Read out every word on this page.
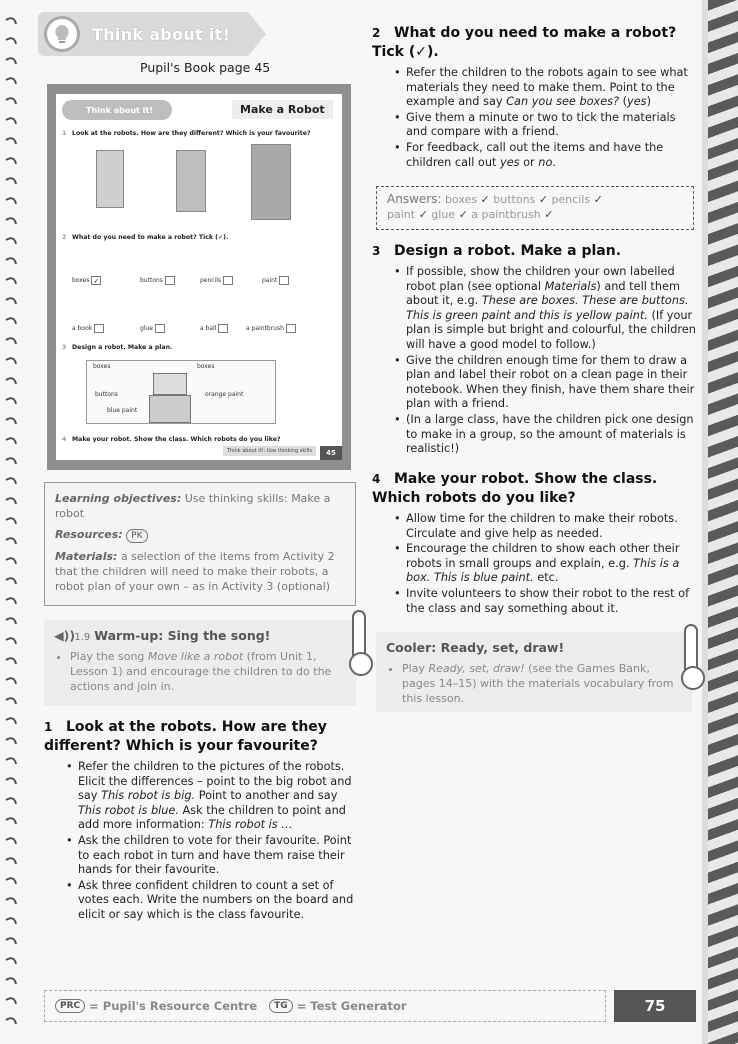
Think about it!
Pupil's Book page 45
Think about it!	Make a Robot
1 Look at the robots. How are they different? Which is your favourite?
2 What do you need to make a robot? Tick (✓).
boxes ✓	buttons	pencils	paint
a book	glue	a ball	a paintbrush
3 Design a robot. Make a plan.
boxes	boxes
buttons	orange paint
blue paint
4 Make your robot. Show the class. Which robots do you like?
Think about it!: Use thinking skills	45

Learning objectives: Use thinking skills: Make a robot

Resources: PK

Materials: a selection of the items from Activity 2 that the children will need to make their robots, a robot plan of your own – as in Activity 3 (optional)

◀)) 1.9 Warm-up: Sing the song!
• Play the song Move like a robot (from Unit 1, Lesson 1) and encourage the children to do the actions and join in.
1 Look at the robots. How are they different? Which is your favourite?
• Refer the children to the pictures of the robots. Elicit the differences – point to the big robot and say This robot is big. Point to another and say This robot is blue. Ask the children to point and add more information: This robot is …
• Ask the children to vote for their favourite. Point to each robot in turn and have them raise their hands for their favourite.
• Ask three confident children to count a set of votes each. Write the numbers on the board and elicit or say which is the class favourite.
2 What do you need to make a robot? Tick (✓).
• Refer the children to the robots again to see what materials they need to make them. Point to the example and say Can you see boxes? (yes)
• Give them a minute or two to tick the materials and compare with a friend.
• For feedback, call out the items and have the children call out yes or no.
Answers: boxes ✓ buttons ✓ pencils ✓
paint ✓ glue ✓ a paintbrush ✓
3 Design a robot. Make a plan.
• If possible, show the children your own labelled robot plan (see optional Materials) and tell them about it, e.g. These are boxes. These are buttons. This is green paint and this is yellow paint. (If your plan is simple but bright and colourful, the children will have a good model to follow.)
• Give the children enough time for them to draw a plan and label their robot on a clean page in their notebook. When they finish, have them share their plan with a friend.
• (In a large class, have the children pick one design to make in a group, so the amount of materials is realistic!)
4 Make your robot. Show the class. Which robots do you like?
• Allow time for the children to make their robots. Circulate and give help as needed.
• Encourage the children to show each other their robots in small groups and explain, e.g. This is a box. This is blue paint. etc.
• Invite volunteers to show their robot to the rest of the class and say something about it.
Cooler: Ready, set, draw!
• Play Ready, set, draw! (see the Games Bank, pages 14–15) with the materials vocabulary from this lesson.
PRC = Pupil's Resource Centre	TG = Test Generator	75
